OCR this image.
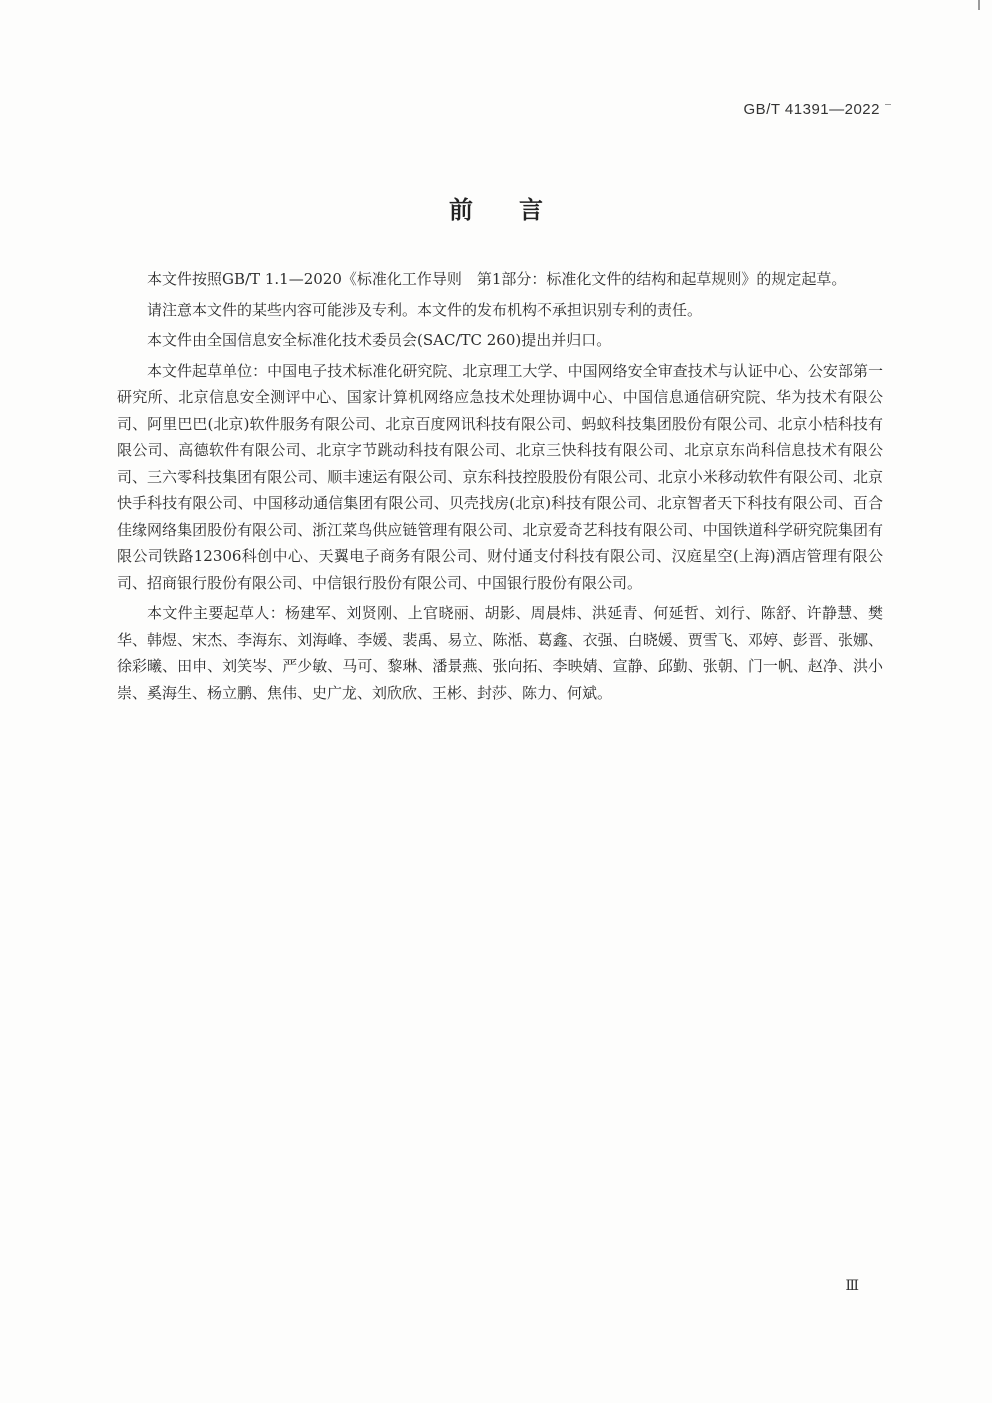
GB/T 41391—2022
前言

本文件按照GB/T 1.1—2020《标准化工作导则　第1部分：标准化文件的结构和起草规则》的规定起草。

请注意本文件的某些内容可能涉及专利。本文件的发布机构不承担识别专利的责任。

本文件由全国信息安全标准化技术委员会(SAC/TC 260)提出并归口。

本文件起草单位：中国电子技术标准化研究院、北京理工大学、中国网络安全审查技术与认证中心、公安部第一研究所、北京信息安全测评中心、国家计算机网络应急技术处理协调中心、中国信息通信研究院、华为技术有限公司、阿里巴巴(北京)软件服务有限公司、北京百度网讯科技有限公司、蚂蚁科技集团股份有限公司、北京小桔科技有限公司、高德软件有限公司、北京字节跳动科技有限公司、北京三快科技有限公司、北京京东尚科信息技术有限公司、三六零科技集团有限公司、顺丰速运有限公司、京东科技控股股份有限公司、北京小米移动软件有限公司、北京快手科技有限公司、中国移动通信集团有限公司、贝壳找房(北京)科技有限公司、北京智者天下科技有限公司、百合佳缘网络集团股份有限公司、浙江菜鸟供应链管理有限公司、北京爱奇艺科技有限公司、中国铁道科学研究院集团有限公司铁路12306科创中心、天翼电子商务有限公司、财付通支付科技有限公司、汉庭星空(上海)酒店管理有限公司、招商银行股份有限公司、中信银行股份有限公司、中国银行股份有限公司。

本文件主要起草人：杨建军、刘贤刚、上官晓丽、胡影、周晨炜、洪延青、何延哲、刘行、陈舒、许静慧、樊华、韩煜、宋杰、李海东、刘海峰、李媛、裴禹、易立、陈湉、葛鑫、衣强、白晓媛、贾雪飞、邓婷、彭晋、张娜、徐彩曦、田申、刘笑岑、严少敏、马可、黎琳、潘景燕、张向拓、李映婧、宣静、邱勤、张朝、门一帆、赵净、洪小崇、奚海生、杨立鹏、焦伟、史广龙、刘欣欣、王彬、封莎、陈力、何斌。

Ⅲ
